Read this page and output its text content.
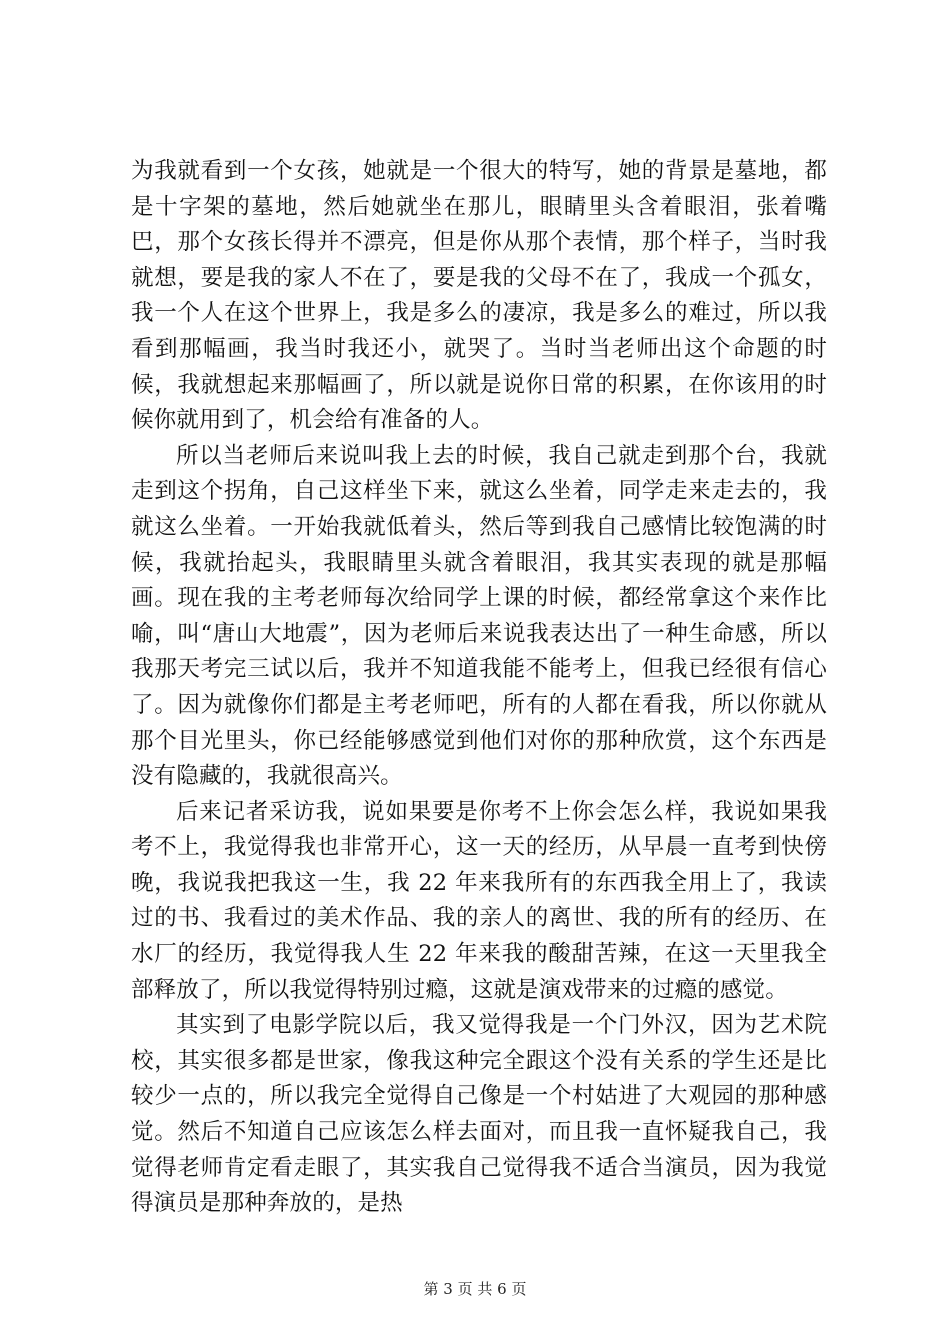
为我就看到一个女孩，她就是一个很大的特写，她的背景是墓地，都是十字架的墓地，然后她就坐在那儿，眼睛里头含着眼泪，张着嘴巴，那个女孩长得并不漂亮，但是你从那个表情，那个样子，当时我就想，要是我的家人不在了，要是我的父母不在了，我成一个孤女，我一个人在这个世界上，我是多么的凄凉，我是多么的难过，所以我看到那幅画，我当时我还小，就哭了。当时当老师出这个命题的时候，我就想起来那幅画了，所以就是说你日常的积累，在你该用的时候你就用到了，机会给有准备的人。

所以当老师后来说叫我上去的时候，我自己就走到那个台，我就走到这个拐角，自己这样坐下来，就这么坐着，同学走来走去的，我就这么坐着。一开始我就低着头，然后等到我自己感情比较饱满的时候，我就抬起头，我眼睛里头就含着眼泪，我其实表现的就是那幅画。现在我的主考老师每次给同学上课的时候，都经常拿这个来作比喻，叫“唐山大地震”，因为老师后来说我表达出了一种生命感，所以我那天考完三试以后，我并不知道我能不能考上，但我已经很有信心了。因为就像你们都是主考老师吧，所有的人都在看我，所以你就从那个目光里头，你已经能够感觉到他们对你的那种欣赏，这个东西是没有隐藏的，我就很高兴。

后来记者采访我，说如果要是你考不上你会怎么样，我说如果我考不上，我觉得我也非常开心，这一天的经历，从早晨一直考到快傍晚，我说我把我这一生，我 22 年来我所有的东西我全用上了，我读过的书、我看过的美术作品、我的亲人的离世、我的所有的经历、在水厂的经历，我觉得我人生 22 年来我的酸甜苦辣，在这一天里我全部释放了，所以我觉得特别过瘾，这就是演戏带来的过瘾的感觉。

其实到了电影学院以后，我又觉得我是一个门外汉，因为艺术院校，其实很多都是世家，像我这种完全跟这个没有关系的学生还是比较少一点的，所以我完全觉得自己像是一个村姑进了大观园的那种感觉。然后不知道自己应该怎么样去面对，而且我一直怀疑我自己，我觉得老师肯定看走眼了，其实我自己觉得我不适合当演员，因为我觉得演员是那种奔放的，是热

第 3 页 共 6 页
